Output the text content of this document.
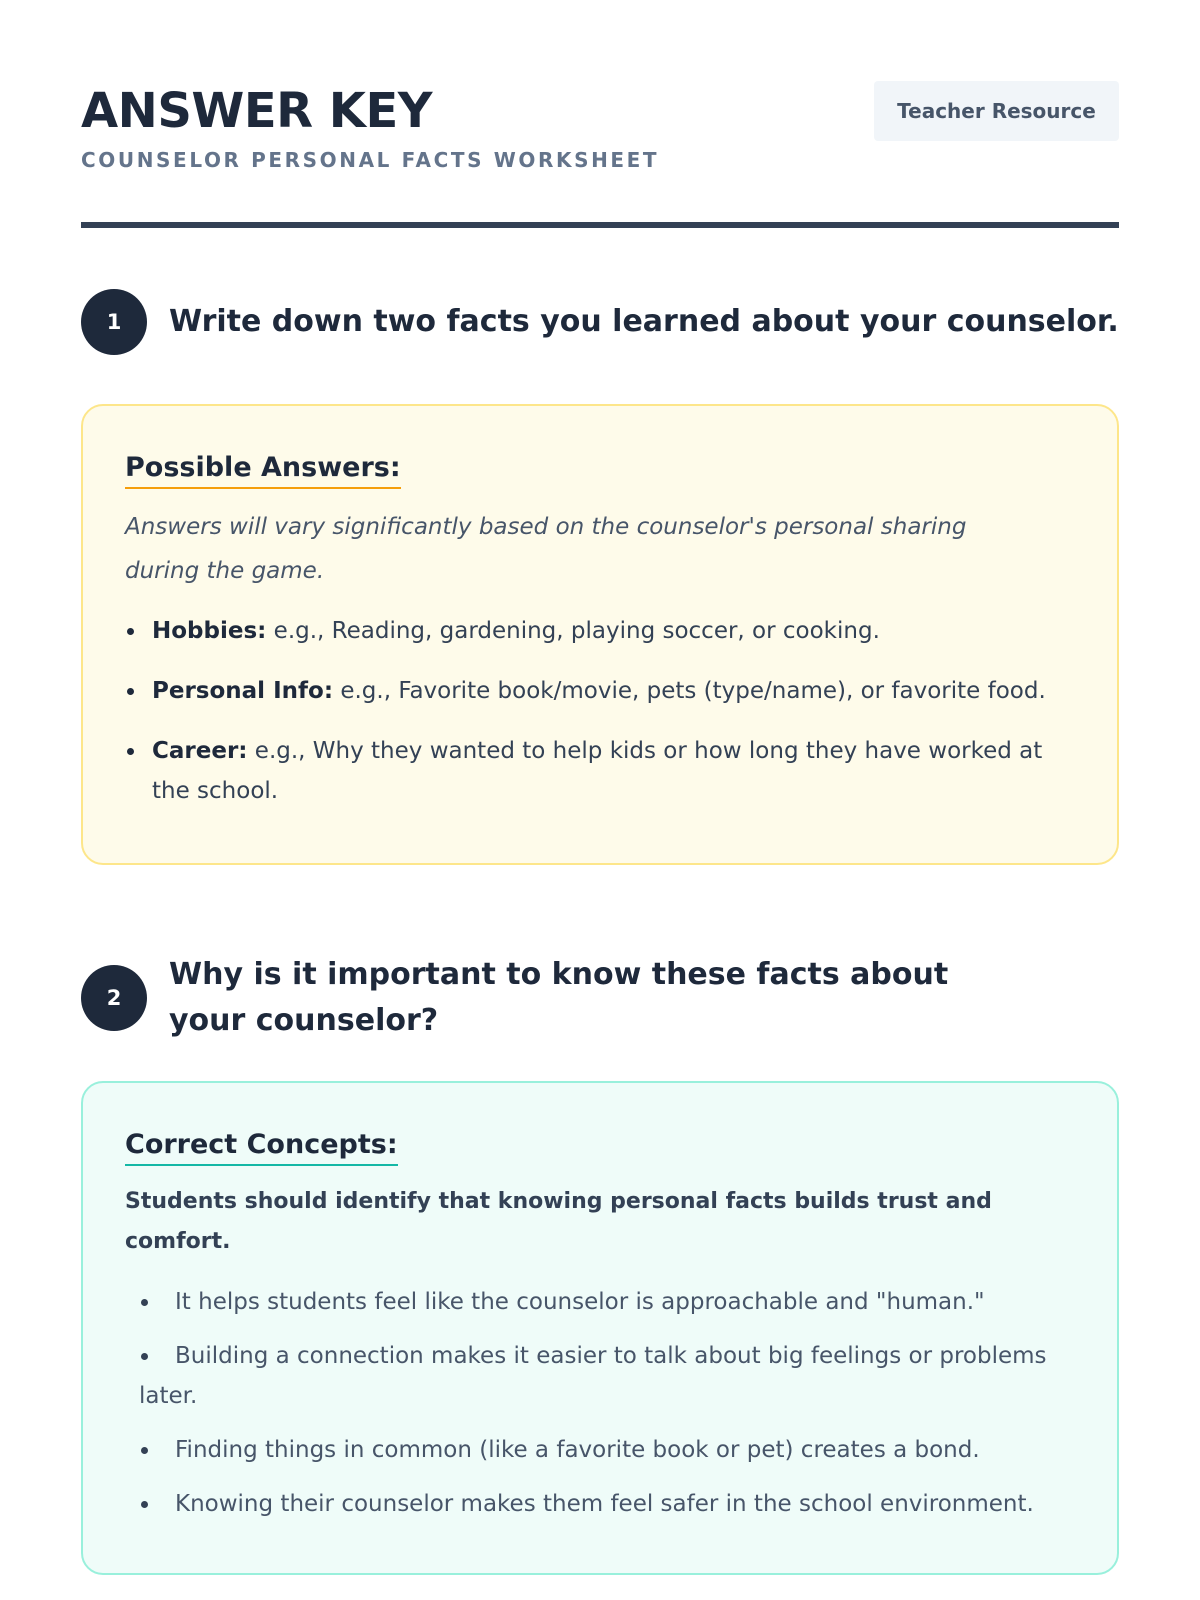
ANSWER KEY
COUNSELOR PERSONAL FACTS WORKSHEET
Teacher Resource
1	Write down two facts you learned about your counselor.
Possible Answers:

Answers will vary significantly based on the counselor's personal sharing during the game.

Hobbies: e.g., Reading, gardening, playing soccer, or cooking.
Personal Info: e.g., Favorite book/movie, pets (type/name), or favorite food.
Career: e.g., Why they wanted to help kids or how long they have worked at the school.
2
Why is it important to know these facts about your counselor?
Correct Concepts:

Students should identify that knowing personal facts builds trust and comfort.

It helps students feel like the counselor is approachable and "human."
Building a connection makes it easier to talk about big feelings or problems later.
Finding things in common (like a favorite book or pet) creates a bond.
Knowing their counselor makes them feel safer in the school environment.
